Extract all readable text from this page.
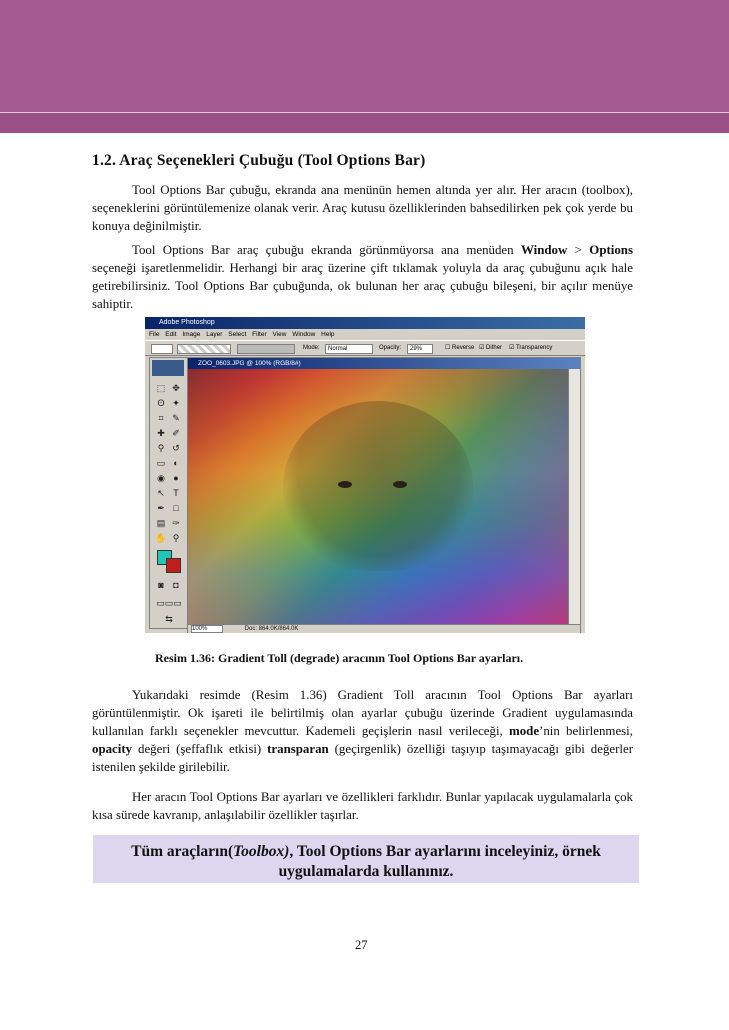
1.2. Araç Seçenekleri Çubuğu (Tool Options Bar)
Tool Options Bar çubuğu, ekranda ana menünün hemen altında yer alır. Her aracın (toolbox), seçeneklerini görüntülemenize olanak verir. Araç kutusu özelliklerinden bahsedilirken pek çok yerde bu konuya değinilmiştir.
Tool Options Bar araç çubuğu ekranda görünmüyorsa ana menüden Window > Options seçeneği işaretlenmelidir. Herhangi bir araç üzerine çift tıklamak yoluyla da araç çubuğunu açık hale getirebilirsiniz. Tool Options Bar çubuğunda, ok bulunan her araç çubuğu bileşeni, bir açılır menüye sahiptir.
Adobe Photoshop
File Edit Image Layer Select Filter View Window Help
Mode:	Normal	Opacity:	29%	☐ Reverse ☑ Dither ☑ Transparency
⬚ ✥
ʘ ✦
⌗ ✎
✚ ✐
⚲ ↺
▭ ◐
◉ ●
↖ T
✒ □
▤ ✑
✋ ⚲
◙	◘
▭▭▭
⇆
ZOO_0603.JPG @ 100% (RGB/8#)
100%	Doc: 864.0K/864.0K
Resim 1.36: Gradient Toll (degrade) aracının Tool Options Bar ayarları.
Yukarıdaki resimde (Resim 1.36) Gradient Toll aracının Tool Options Bar ayarları görüntülenmiştir. Ok işareti ile belirtilmiş olan ayarlar çubuğu üzerinde Gradient uygulamasında kullanılan farklı seçenekler mevcuttur. Kademeli geçişlerin nasıl verileceği, mode’nin belirlenmesi, opacity değeri (şeffaflık etkisi) transparan (geçirgenlik) özelliği taşıyıp taşımayacağı gibi değerler istenilen şekilde girilebilir.
Her aracın Tool Options Bar ayarları ve özellikleri farklıdır. Bunlar yapılacak uygulamalarla çok kısa sürede kavranıp, anlaşılabilir özellikler taşırlar.
Tüm araçların(Toolbox), Tool Options Bar ayarlarını inceleyiniz, örnek
uygulamalarda kullanınız.
27
